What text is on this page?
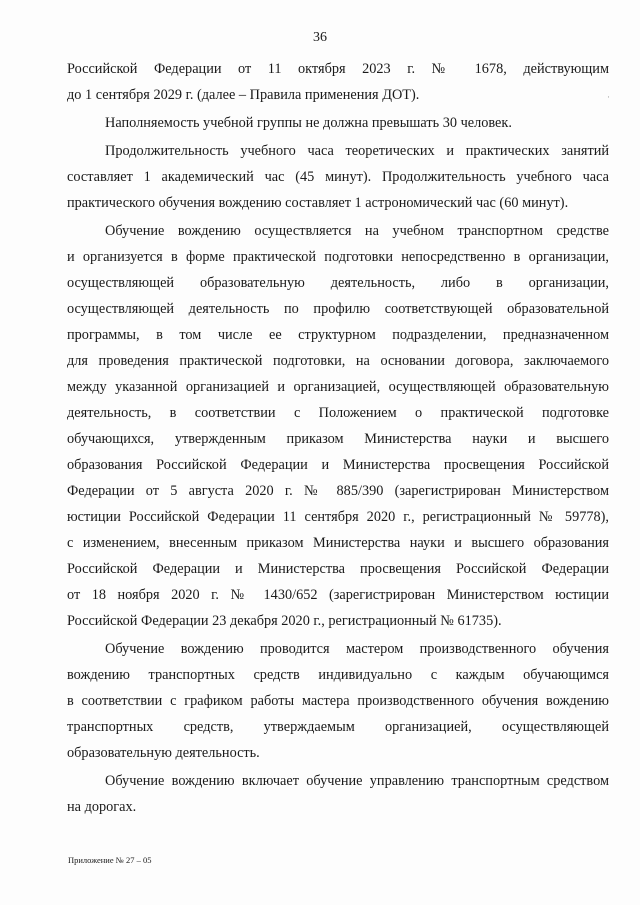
36
·
Российской Федерации от 11 октября 2023 г. № 1678, действующим
до 1 сентября 2029 г. (далее – Правила применения ДОТ).
Наполняемость учебной группы не должна превышать 30 человек.
Продолжительность учебного часа теоретических и практических занятий
составляет 1 академический час (45 минут). Продолжительность учебного часа
практического обучения вождению составляет 1 астрономический час (60 минут).
Обучение вождению осуществляется на учебном транспортном средстве
и организуется в форме практической подготовки непосредственно в организации,
осуществляющей образовательную деятельность, либо в организации,
осуществляющей деятельность по профилю соответствующей образовательной
программы, в том числе ее структурном подразделении, предназначенном
для проведения практической подготовки, на основании договора, заключаемого
между указанной организацией и организацией, осуществляющей образовательную
деятельность, в соответствии с Положением о практической подготовке
обучающихся, утвержденным приказом Министерства науки и высшего
образования Российской Федерации и Министерства просвещения Российской
Федерации от 5 августа 2020 г. № 885/390 (зарегистрирован Министерством
юстиции Российской Федерации 11 сентября 2020 г., регистрационный № 59778),
с изменением, внесенным приказом Министерства науки и высшего образования
Российской Федерации и Министерства просвещения Российской Федерации
от 18 ноября 2020 г. № 1430/652 (зарегистрирован Министерством юстиции
Российской Федерации 23 декабря 2020 г., регистрационный № 61735).
Обучение вождению проводится мастером производственного обучения
вождению транспортных средств индивидуально с каждым обучающимся
в соответствии с графиком работы мастера производственного обучения вождению
транспортных средств, утверждаемым организацией, осуществляющей
образовательную деятельность.
Обучение вождению включает обучение управлению транспортным средством
на дорогах.
Приложение № 27 – 05
